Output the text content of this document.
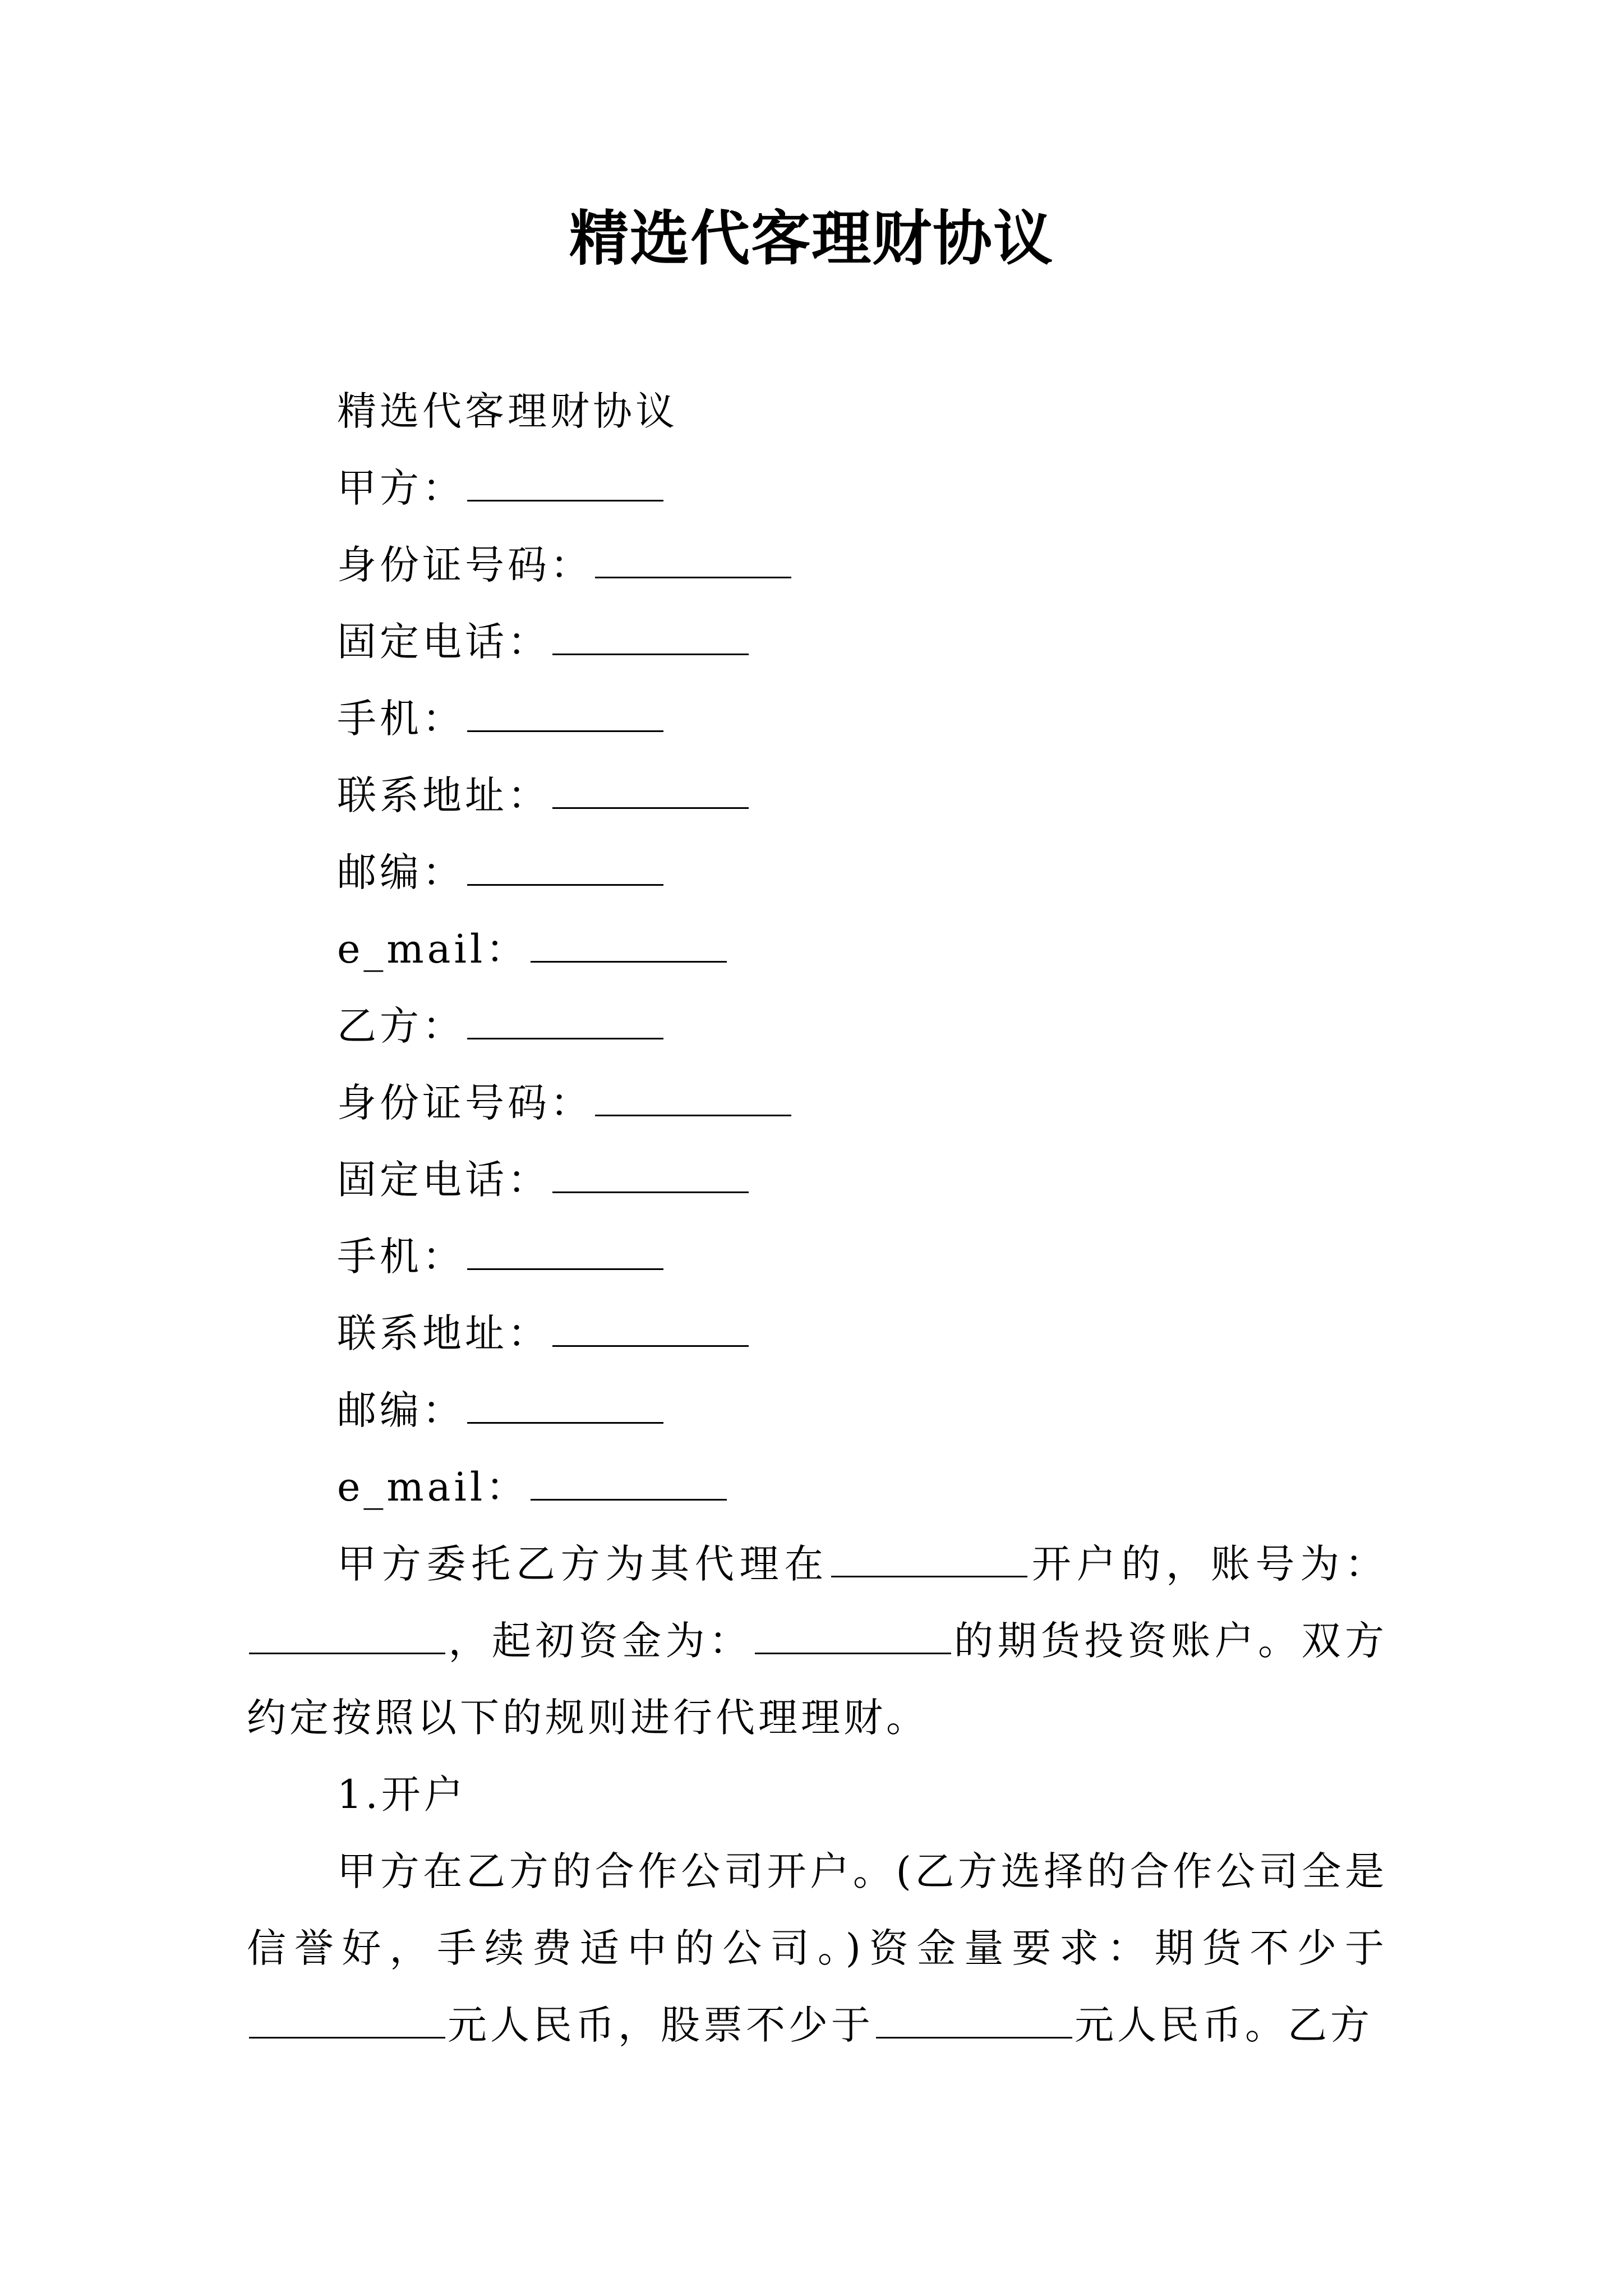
精选代客理财协议

精选代客理财协议

甲方：

身份证号码：

固定电话：

手机：

联系地址：

邮编：

e_mail：

乙方：

身份证号码：

固定电话：

手机：

联系地址：

邮编：

e_mail：

甲方委托乙方为其代理在	开户的，账号为：，起初资金为：	的期货投资账户。双方约定按照以下的规则进行代理理财。

1.开户

甲方在乙方的合作公司开户。(乙方选择的合作公司全是信誉好，手续费适中的公司。)资金量要求：期货不少于元人民币，股票不少于	元人民币。乙方
